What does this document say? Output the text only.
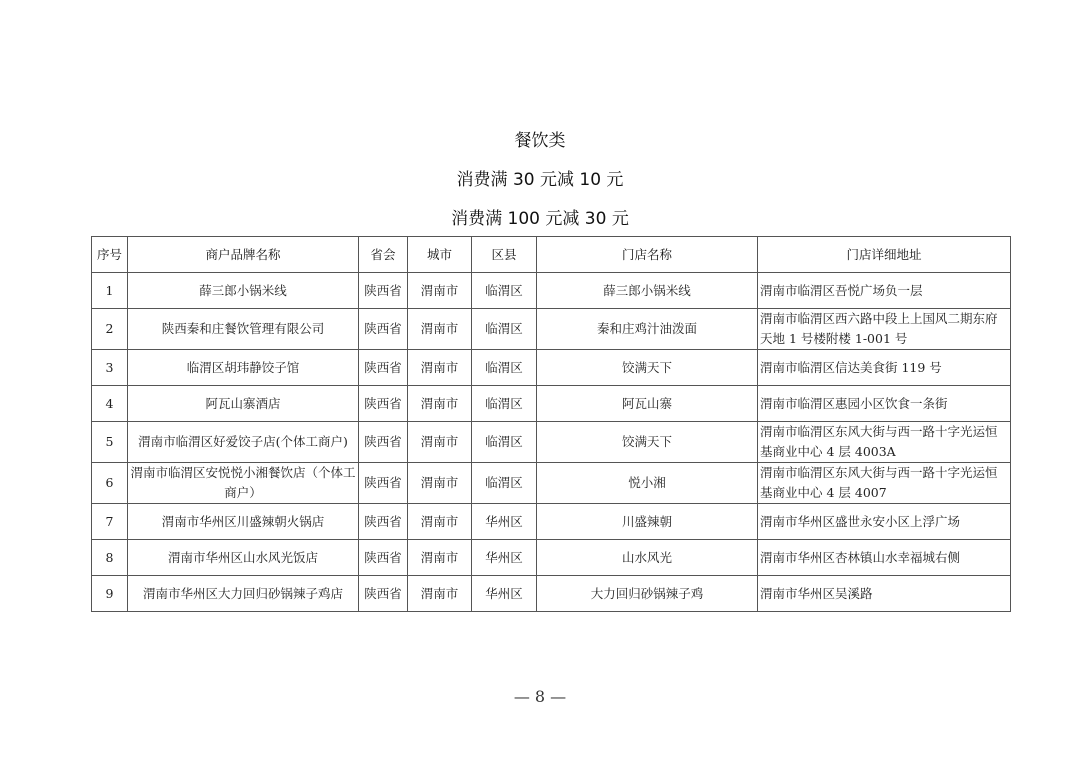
餐饮类
消费满 30 元减 10 元
消费满 100 元减 30 元
序号	商户品牌名称	省会	城市	区县	门店名称	门店详细地址
1	薛三郎小锅米线	陕西省	渭南市	临渭区	薛三郎小锅米线	渭南市临渭区吾悦广场负一层
2	陕西秦和庄餐饮管理有限公司	陕西省	渭南市	临渭区	秦和庄鸡汁油泼面	渭南市临渭区西六路中段上上国风二期东府天地 1 号楼附楼 1-001 号
3	临渭区胡玮静饺子馆	陕西省	渭南市	临渭区	饺满天下	渭南市临渭区信达美食街 119 号
4	阿瓦山寨酒店	陕西省	渭南市	临渭区	阿瓦山寨	渭南市临渭区惠园小区饮食一条街
5	渭南市临渭区好爱饺子店(个体工商户)	陕西省	渭南市	临渭区	饺满天下	渭南市临渭区东风大街与西一路十字光运恒基商业中心 4 层 4003A
6	渭南市临渭区安悦悦小湘餐饮店（个体工商户）	陕西省	渭南市	临渭区	悦小湘	渭南市临渭区东风大街与西一路十字光运恒基商业中心 4 层 4007
7	渭南市华州区川盛辣朝火锅店	陕西省	渭南市	华州区	川盛辣朝	渭南市华州区盛世永安小区上浮广场
8	渭南市华州区山水风光饭店	陕西省	渭南市	华州区	山水风光	渭南市华州区杏林镇山水幸福城右侧
9	渭南市华州区大力回归砂锅辣子鸡店	陕西省	渭南市	华州区	大力回归砂锅辣子鸡	渭南市华州区吴溪路
— 8 —
